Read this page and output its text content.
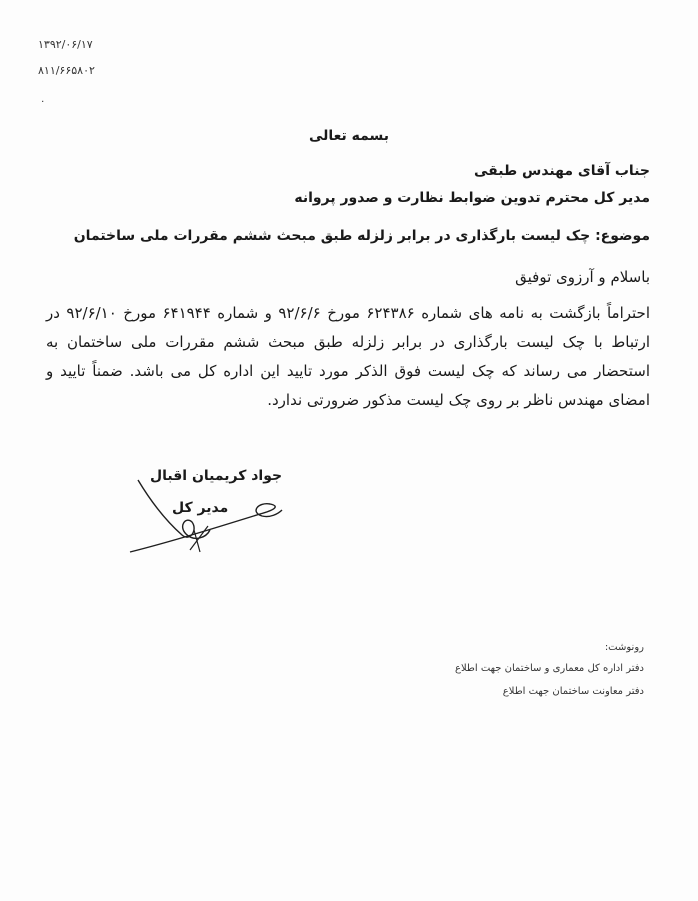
۱۳۹۲/۰۶/۱۷
۸۱۱/۶۶۵۸۰۲
۰
بسمه تعالی
جناب آقای مهندس طبقی
مدیر کل محترم تدوین ضوابط نظارت و صدور پروانه
موضوع: چک لیست بارگذاری در برابر زلزله طبق مبحث ششم مقررات ملی ساختمان
باسلام و آرزوی توفیق
احتراماً بازگشت به نامه های شماره ۶۲۴۳۸۶ مورخ ۹۲/۶/۶ و شماره ۶۴۱۹۴۴ مورخ ۹۲/۶/۱۰ در ارتباط با چک لیست بارگذاری در برابر زلزله طبق مبحث ششم مقررات ملی ساختمان به استحضار می رساند که چک لیست فوق الذکر مورد تایید این اداره کل می باشد. ضمناً تایید و امضای مهندس ناظر بر روی چک لیست مذکور ضرورتی ندارد.
جواد کریمیان اقبال
مدیر کل
رونوشت:
دفتر اداره کل معماری و ساختمان جهت اطلاع
دفتر معاونت ساختمان جهت اطلاع
